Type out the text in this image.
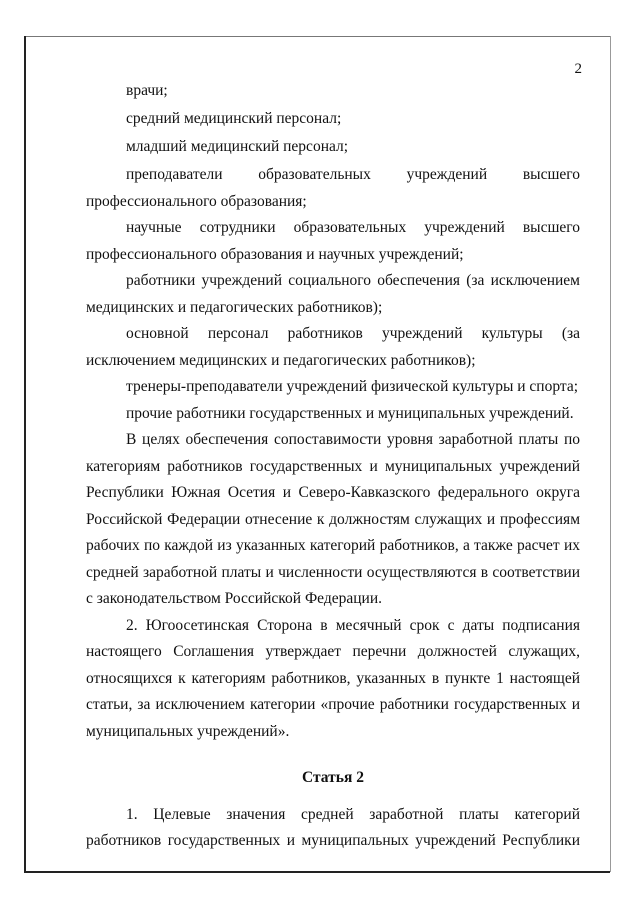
2

врачи;

средний медицинский персонал;

младший медицинский персонал;

преподаватели образовательных учреждений высшего профессионального образования;

научные сотрудники образовательных учреждений высшего профессионального образования и научных учреждений;

работники учреждений социального обеспечения (за исключением медицинских и педагогических работников);

основной персонал работников учреждений культуры (за исключением медицинских и педагогических работников);

тренеры-преподаватели учреждений физической культуры и спорта;

прочие работники государственных и муниципальных учреждений.

В целях обеспечения сопоставимости уровня заработной платы по категориям работников государственных и муниципальных учреждений Республики Южная Осетия и Северо-Кавказского федерального округа Российской Федерации отнесение к должностям служащих и профессиям рабочих по каждой из указанных категорий работников, а также расчет их средней заработной платы и численности осуществляются в соответствии с законодательством Российской Федерации.

2. Югоосетинская Сторона в месячный срок с даты подписания настоящего Соглашения утверждает перечни должностей служащих, относящихся к категориям работников, указанных в пункте 1 настоящей статьи, за исключением категории «прочие работники государственных и муниципальных учреждений».

Статья 2

1. Целевые значения средней заработной платы категорий работников государственных и муниципальных учреждений Республики
